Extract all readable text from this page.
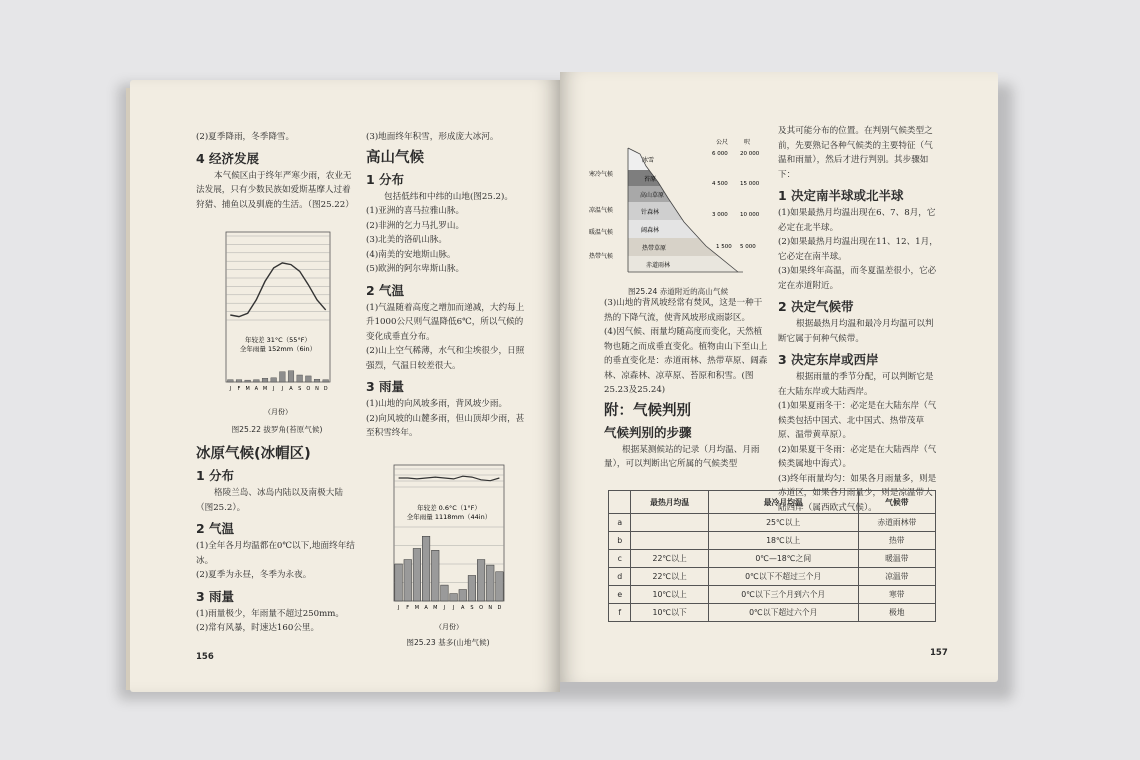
(2)夏季降雨，冬季降雪。

4 经济发展

本气候区由于终年严寒少雨，农业无法发展，只有少数民族如爱斯基摩人过着狩猎、捕鱼以及驯鹿的生活。（图25.22）

年较差 31°C（55°F）
全年雨量 152mm（6in）
J F M A M J J A S O N D
（月份）
图25.22 拔罗角(苔原气候)
冰原气候(冰帽区)
1 分布

格陵兰岛、冰岛内陆以及南极大陆（图25.2）。

2 气温

(1)全年各月均温都在0℃以下,地面终年结冰。

(2)夏季为永昼，冬季为永夜。

3 雨量

(1)雨量极少，年雨量不超过250mm。

(2)常有风暴，时速达160公里。

(3)地面终年积雪，形成庞大冰河。

高山气候
1 分布

包括低纬和中纬的山地(图25.2)。

(1)亚洲的喜马拉雅山脉。

(2)非洲的乞力马扎罗山。

(3)北美的洛矶山脉。

(4)南美的安地斯山脉。

(5)欧洲的阿尔卑斯山脉。

2 气温

(1)气温随着高度之增加而递减，大约每上升1000公尺则气温降低6℃，所以气候的变化成垂直分布。

(2)山上空气稀薄，水气和尘埃很少，日照强烈，气温日较差很大。

3 雨量

(1)山地的向风坡多雨，背风坡少雨。

(2)向风坡的山麓多雨，但山顶却少雨，甚至积雪终年。

年较差 0.6°C（1°F）
全年雨量 1118mm（44in）
J F M A M J J A S O N D
（月份）
图25.23 基多(山地气候)
156
冰雪
苔原
高山草原
针森林
阔森林
热带草原
赤道雨林
寒冷气候
凉温气候
暖温气候
热带气候
公尺	呎
6 000 20 000
4 500 15 000
3 000 10 000
1 500 5 000
图25.24 赤道附近的高山气候

(3)山地的背风坡经常有焚风，这是一种干热的下降气流，使背风坡形成雨影区。

(4)因气候、雨量均随高度而变化，天然植物也随之而成垂直变化。植物由山下至山上的垂直变化是：赤道雨林、热带草原、阔森林、凉森林、凉草原、苔原和积雪。(图25.23及25.24)

附：气候判别
气候判别的步骤

根据某测候站的记录（月均温、月雨量），可以判断出它所属的气候类型

及其可能分布的位置。在判别气候类型之前，先要熟记各种气候类的主要特征（气温和雨量），然后才进行判别。其步骤如下：

1 决定南半球或北半球

(1)如果最热月均温出现在6、7、8月，它必定在北半球。

(2)如果最热月均温出现在11、12、1月，它必定在南半球。

(3)如果终年高温，而冬夏温差很小，它必定在赤道附近。

2 决定气候带

根据最热月均温和最冷月均温可以判断它属于何种气候带。

3 决定东岸或西岸

根据雨量的季节分配，可以判断它是在大陆东岸或大陆西岸。

(1)如果夏雨冬干：必定是在大陆东岸（气候类包括中国式、北中国式、热带茂草原、温带黄草原）。

(2)如果夏干冬雨：必定是在大陆西岸（气候类属地中海式）。

(3)终年雨量均匀：如果各月雨量多，则是赤道区，如果各月雨量少，则是凉温带大陆西岸（属西欧式气候）。

	最热月均温	最冷月均温	气候带
a		25℃以上	赤道雨林带
b		18℃以上	热带
c	22℃以上	0℃—18℃之间	暖温带
d	22℃以上	0℃以下不超过三个月	凉温带
e	10℃以上	0℃以下三个月到六个月	寒带
f	10℃以下	0℃以下超过六个月	极地
157
